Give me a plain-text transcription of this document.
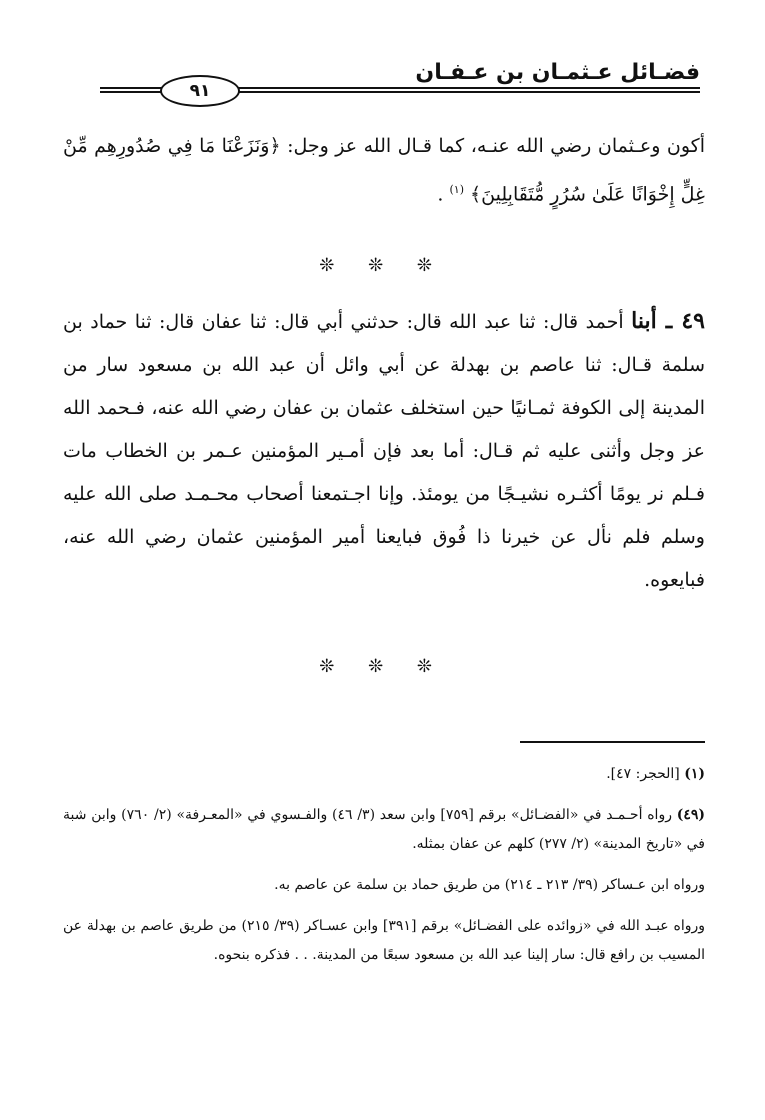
فضـائل عـثمـان بن عـفـان
٩١

أكون وعـثمان رضي الله عنـه، كما قـال الله عز وجل: ﴿وَنَزَعْنَا مَا فِي صُدُورِهِم مِّنْ غِلٍّ إِخْوَانًا عَلَىٰ سُرُرٍ مُّتَقَابِلِينَ﴾ $^{(١)}$ .

❊ ❊ ❊

٤٩ ـ أبنا أحمد قال: ثنا عبد الله قال: حدثني أبي قال: ثنا عفان قال: ثنا حماد بن سلمة قـال: ثنا عاصم بن بهدلة عن أبي وائل أن عبد الله بن مسعود سار من المدينة إلى الكوفة ثمـانيًا حين استخلف عثمان بن عفان رضي الله عنه، فـحمد الله عز وجل وأثنى عليه ثم قـال: أما بعد فإن أمـير المؤمنين عـمر بن الخطاب مات فـلم نر يومًا أكثـره نشيـجًا من يومئذ. وإنا اجـتمعنا أصحاب محـمـد صلى الله عليه وسلم فلم نأل عن خيرنا ذا فُوق فبايعنا أمير المؤمنين عثمان رضي الله عنه، فبايعوه.

❊ ❊ ❊

(١) [الحجر: ٤٧].

(٤٩) رواه أحـمـد في «الفضـائل» برقم [٧٥٩] وابن سعد (٣/ ٤٦) والفـسوي في «المعـرفة» (٢/ ٧٦٠) وابن شبة في «تاريخ المدينة» (٢/ ٢٧٧) كلهم عن عفان بمثله.

ورواه ابن عـساكر (٣٩/ ٢١٣ ـ ٢١٤) من طريق حماد بن سلمة عن عاصم به.

ورواه عبـد الله في «زوائده على الفضـائل» برقم [٣٩١] وابن عسـاكر (٣٩/ ٢١٥) من طريق عاصم بن بهدلة عن المسيب بن رافع قال: سار إلينا عبد الله بن مسعود سبعًا من المدينة. . . فذكره بنحوه.
